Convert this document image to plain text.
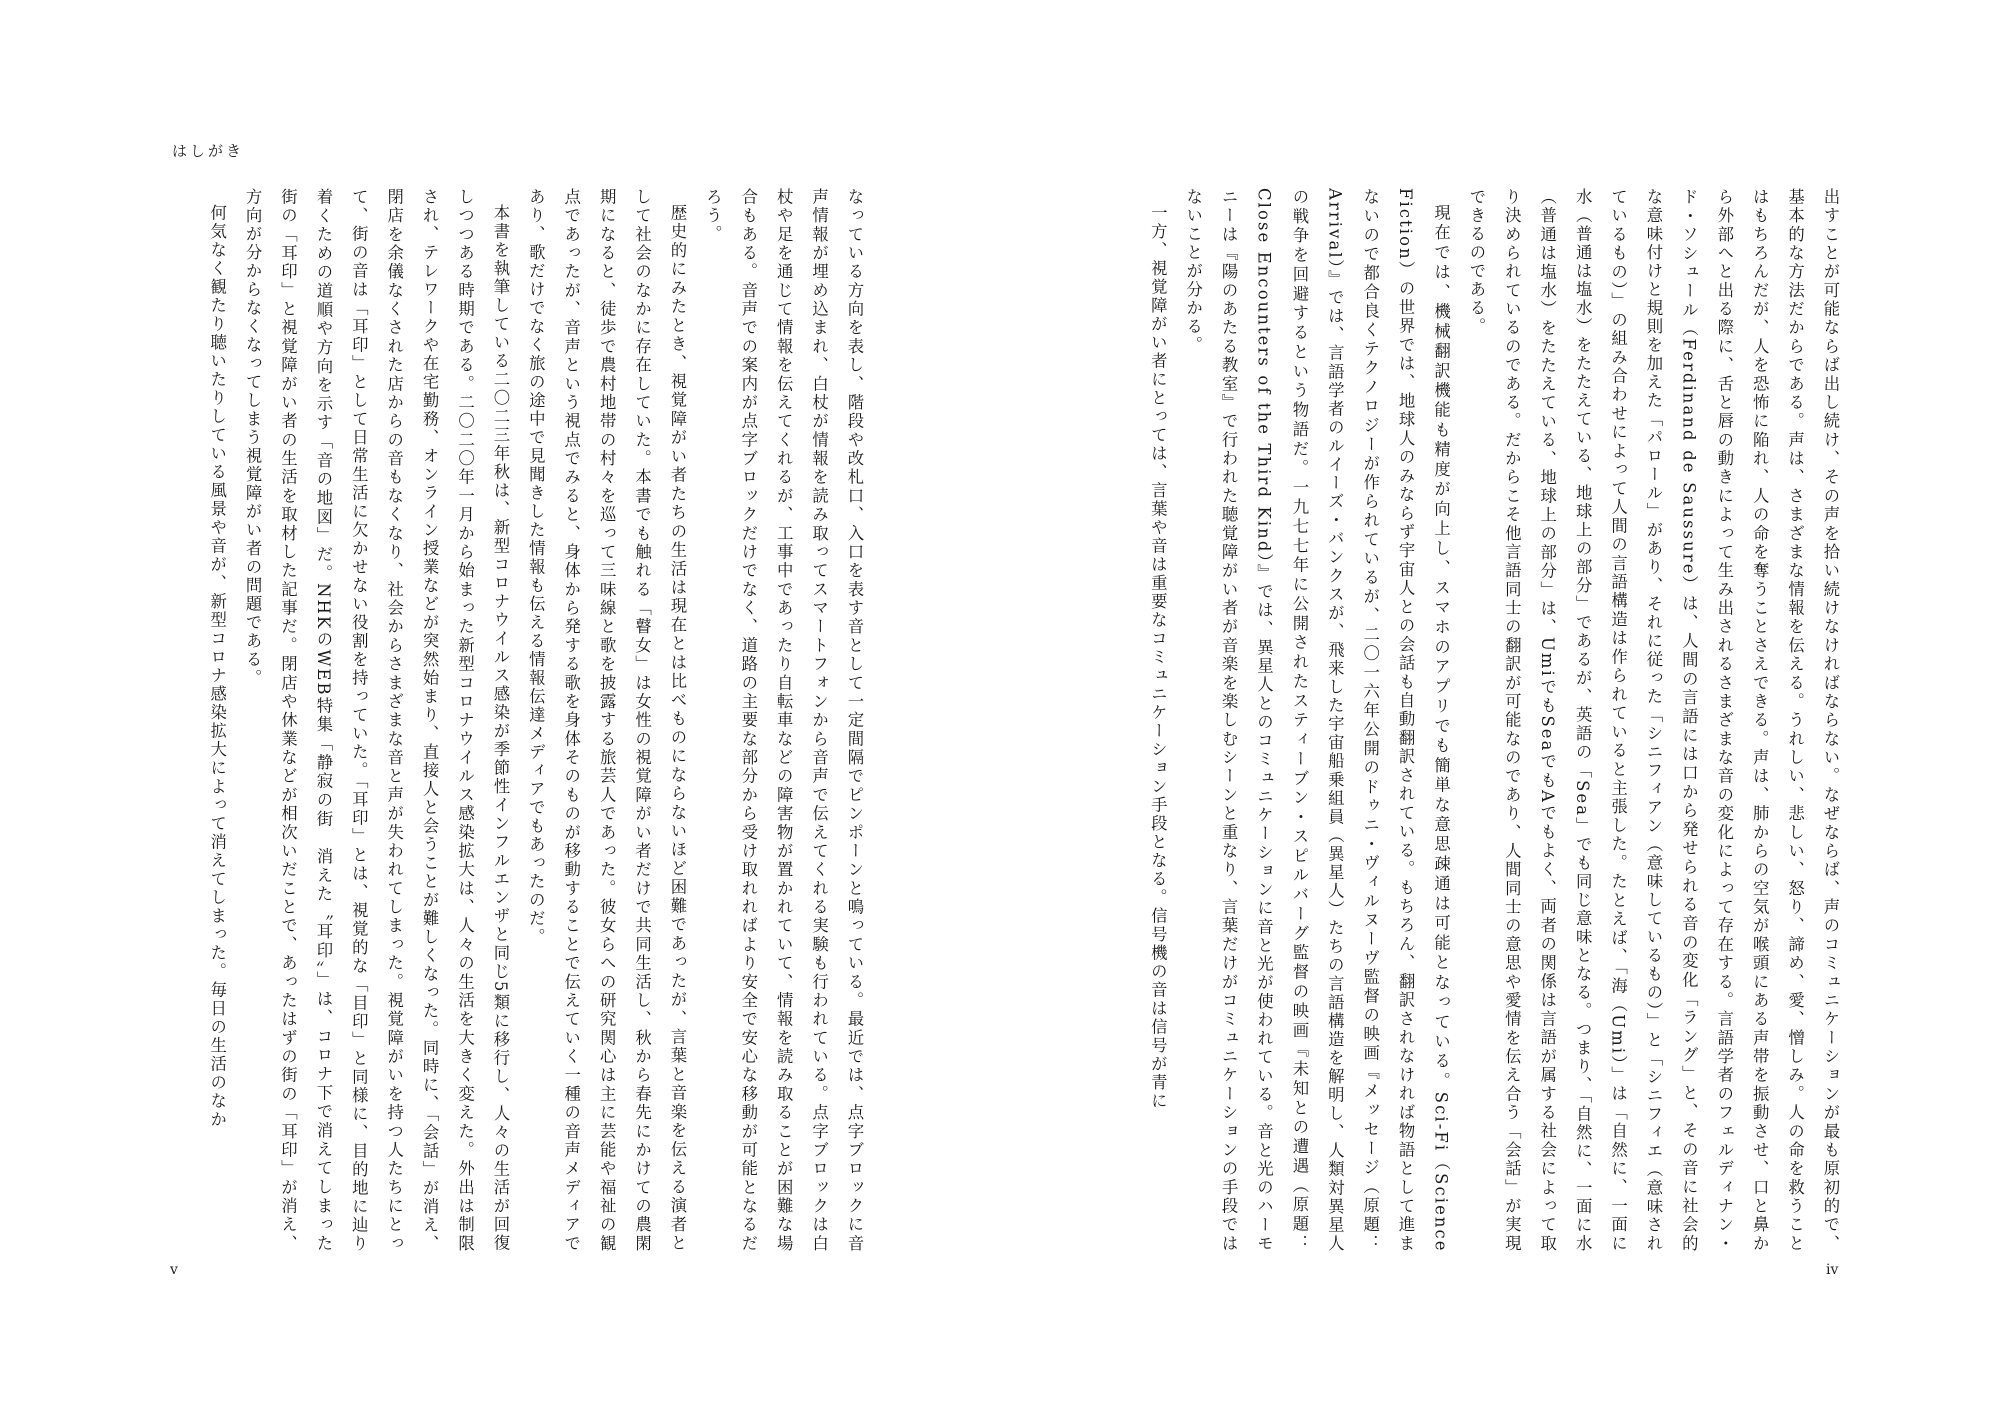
はしがき

なっている方向を表し、階段や改札口、入口を表す音として一定間隔でピンポーンと鳴っている。最近では、点字ブロックに音声情報が埋め込まれ、白杖が情報を読み取ってスマートフォンから音声で伝えてくれる実験も行われている。点字ブロックは白杖や足を通じて情報を伝えてくれるが、工事中であったり自転車などの障害物が置かれていて、情報を読み取ることが困難な場合もある。音声での案内が点字ブロックだけでなく、道路の主要な部分から受け取れればより安全で安心な移動が可能となるだろう。

歴史的にみたとき、視覚障がい者たちの生活は現在とは比べものにならないほど困難であったが、言葉と音楽を伝える演者として社会のなかに存在していた。本書でも触れる「瞽女」は女性の視覚障がい者だけで共同生活し、秋から春先にかけての農閑期になると、徒歩で農村地帯の村々を巡って三味線と歌を披露する旅芸人であった。彼女らへの研究関心は主に芸能や福祉の観点であったが、音声という視点でみると、身体から発する歌を身体そのものが移動することで伝えていく一種の音声メディアであり、歌だけでなく旅の途中で見聞きした情報も伝える情報伝達メディアでもあったのだ。

本書を執筆している二〇二三年秋は、新型コロナウイルス感染が季節性インフルエンザと同じ5類に移行し、人々の生活が回復しつつある時期である。二〇二〇年一月から始まった新型コロナウイルス感染拡大は、人々の生活を大きく変えた。外出は制限され、テレワークや在宅勤務、オンライン授業などが突然始まり、直接人と会うことが難しくなった。同時に、「会話」が消え、閉店を余儀なくされた店からの音もなくなり、社会からさまざまな音と声が失われてしまった。視覚障がいを持つ人たちにとって、街の音は「耳印」として日常生活に欠かせない役割を持っていた。「耳印」とは、視覚的な「目印」と同様に、目的地に辿り着くための道順や方向を示す「音の地図」だ。NHKのWEB特集「静寂の街　消えた〝耳印〟」は、コロナ下で消えてしまった街の「耳印」と視覚障がい者の生活を取材した記事だ。閉店や休業などが相次いだことで、あったはずの街の「耳印」が消え、方向が分からなくなってしまう視覚障がい者の問題である。

何気なく観たり聴いたりしている風景や音が、新型コロナ感染拡大によって消えてしまった。毎日の生活のなか

v

出すことが可能ならば出し続け、その声を拾い続けなければならない。なぜならば、声のコミュニケーションが最も原初的で、基本的な方法だからである。声は、さまざまな情報を伝える。うれしい、悲しい、怒り、諦め、愛、憎しみ。人の命を救うことはもちろんだが、人を恐怖に陥れ、人の命を奪うことさえできる。声は、肺からの空気が喉頭にある声帯を振動させ、口と鼻から外部へと出る際に、舌と唇の動きによって生み出されるさまざまな音の変化によって存在する。言語学者のフェルディナン・ド・ソシュール（Ferdinand de Saussure）は、人間の言語には口から発せられる音の変化「ラング」と、その音に社会的な意味付けと規則を加えた「パロール」があり、それに従った「シニフィアン（意味しているもの）」と「シニフィエ（意味されているもの）」の組み合わせによって人間の言語構造は作られていると主張した。たとえば、「海（Umi）」は「自然に、一面に水（普通は塩水）をたたえている、地球上の部分」であるが、英語の「Sea」でも同じ意味となる。つまり、「自然に、一面に水（普通は塩水）をたたえている、地球上の部分」は、UmiでもSeaでもAでもよく、両者の関係は言語が属する社会によって取り決められているのである。だからこそ他言語同士の翻訳が可能なのであり、人間同士の意思や愛情を伝え合う「会話」が実現できるのである。

現在では、機械翻訳機能も精度が向上し、スマホのアプリでも簡単な意思疎通は可能となっている。Sci-Fi（Science Fiction）の世界では、地球人のみならず宇宙人との会話も自動翻訳されている。もちろん、翻訳されなければ物語として進まないので都合良くテクノロジーが作られているが、二〇一六年公開のドゥニ・ヴィルヌーヴ監督の映画『メッセージ（原題：Arrival）』では、言語学者のルイーズ・バンクスが、飛来した宇宙船乗組員（異星人）たちの言語構造を解明し、人類対異星人の戦争を回避するという物語だ。一九七七年に公開されたスティーブン・スピルバーグ監督の映画『未知との遭遇（原題：Close Encounters of the Third Kind）』では、異星人とのコミュニケーションに音と光が使われている。音と光のハーモニーは『陽のあたる教室』で行われた聴覚障がい者が音楽を楽しむシーンと重なり、言葉だけがコミュニケーションの手段ではないことが分かる。

一方、視覚障がい者にとっては、言葉や音は重要なコミュニケーション手段となる。信号機の音は信号が青に

iv
